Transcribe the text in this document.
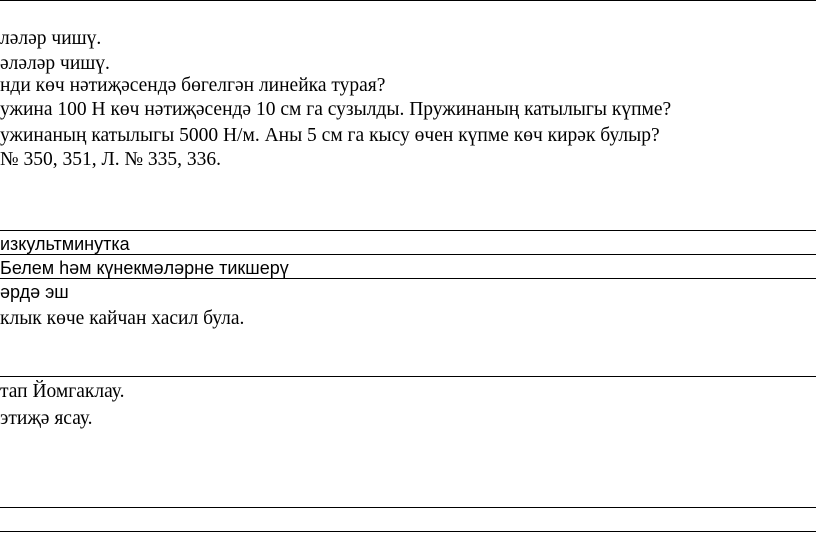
ләләр чишү.
әләләр чишү.
нди көч нәтиҗәсендә бөгелгән линейка турая?
ужина 100 Н көч нәтиҗәсендә 10 см га сузылды. Пружинаның катылыгы күпме?
ужинаның катылыгы 5000 Н/м. Аны 5 см га кысу өчен күпме көч кирәк булыр?
№ 350, 351, Л. № 335, 336.
изкультминутка
Белем һәм күнекмәләрне тикшерү
әрдә эш
клык көче кайчан хасил була.
тап Йомгаклау.
этиҗә ясау.
